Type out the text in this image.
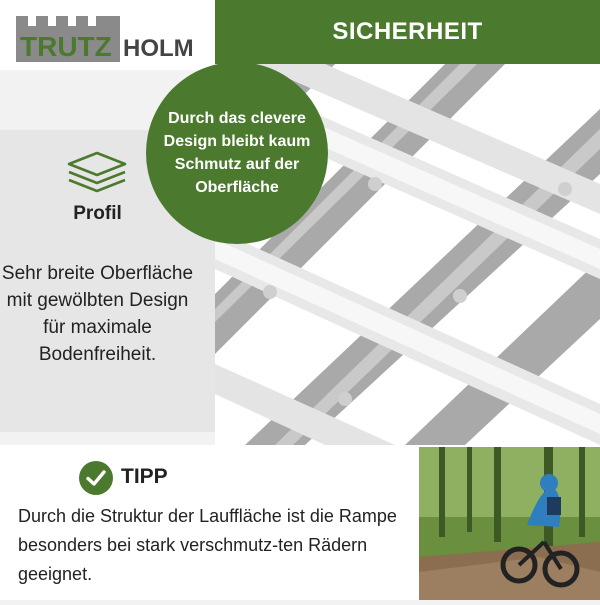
TRUTZ HOLM
SICHERHEIT
Profil
Sehr breite Oberfläche mit gewölbten Design für maximale Bodenfreiheit.
Durch das clevere Design bleibt kaum Schmutz auf der Oberfläche
TIPP
Durch die Struktur der Lauffläche ist die Rampe besonders bei stark verschmutz-ten Rädern geeignet.
